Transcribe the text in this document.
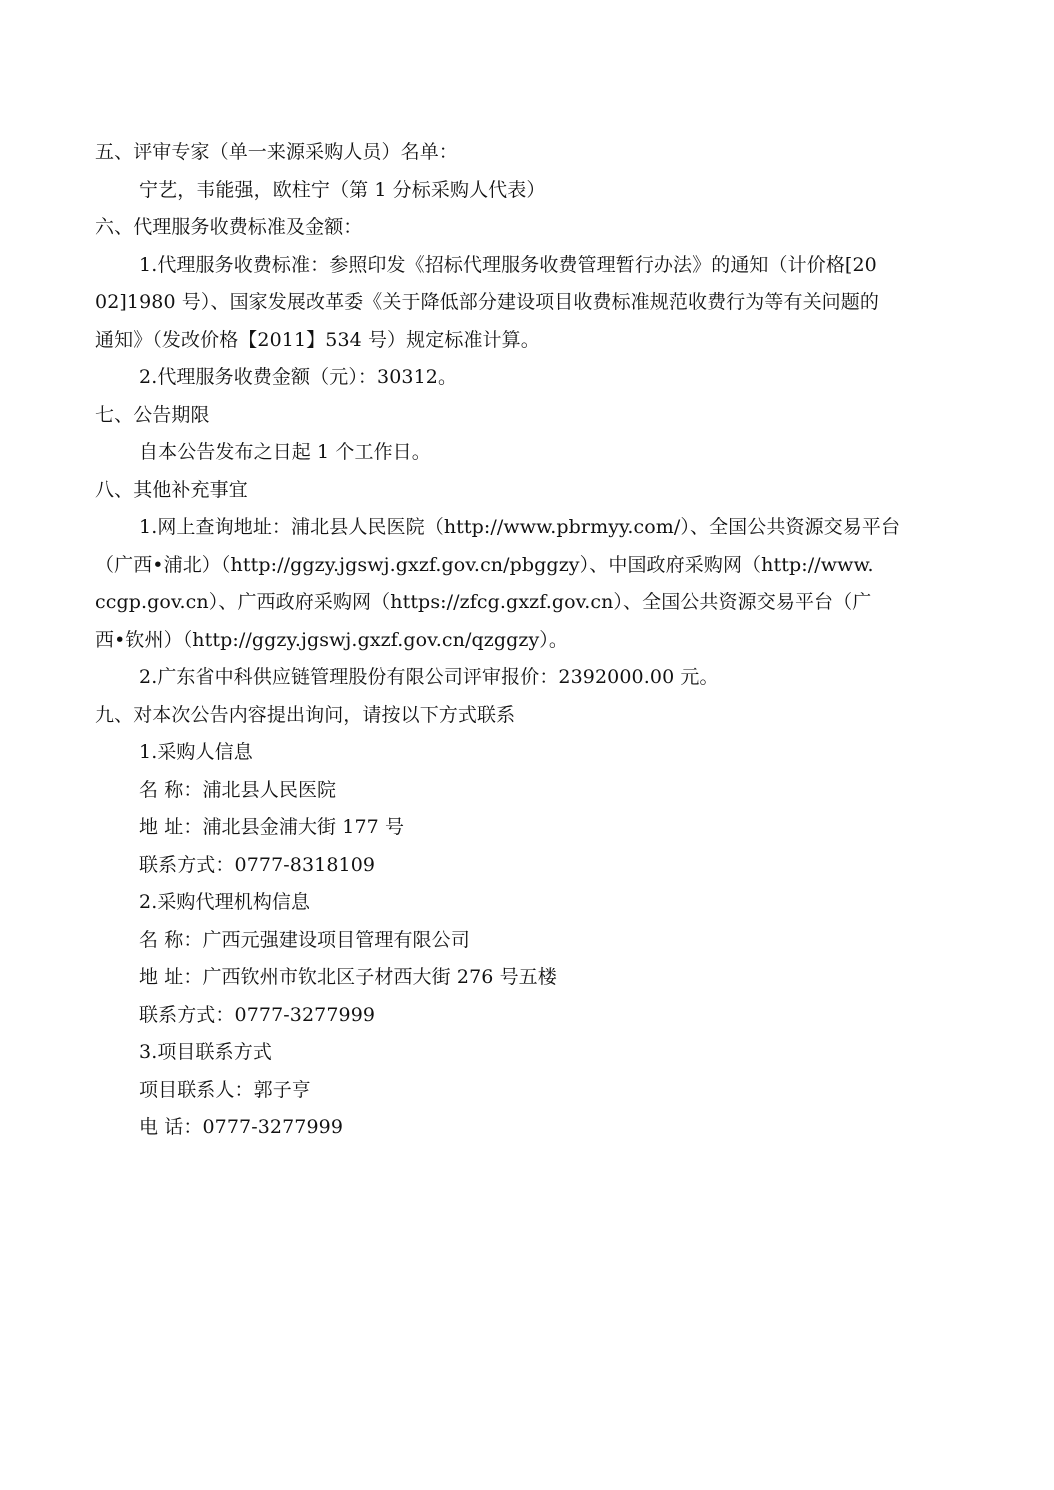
五、评审专家（单一来源采购人员）名单：
宁艺，韦能强，欧柱宁（第 1 分标采购人代表）
六、代理服务收费标准及金额：
1.代理服务收费标准：参照印发《招标代理服务收费管理暂行办法》的通知（计价格[20
02]1980 号）、国家发展改革委《关于降低部分建设项目收费标准规范收费行为等有关问题的
通知》（发改价格【2011】534 号）规定标准计算。
2.代理服务收费金额（元）：30312。
七、公告期限
自本公告发布之日起 1 个工作日。
八、其他补充事宜
1.网上查询地址：浦北县人民医院（http://www.pbrmyy.com/）、全国公共资源交易平台
（广西•浦北）（http://ggzy.jgswj.gxzf.gov.cn/pbggzy）、中国政府采购网（http://www.
ccgp.gov.cn）、广西政府采购网（https://zfcg.gxzf.gov.cn）、全国公共资源交易平台（广
西•钦州）（http://ggzy.jgswj.gxzf.gov.cn/qzggzy）。
2.广东省中科供应链管理股份有限公司评审报价：2392000.00 元。
九、对本次公告内容提出询问，请按以下方式联系
1.采购人信息
名 称：浦北县人民医院
地 址：浦北县金浦大街 177 号
联系方式：0777-8318109
2.采购代理机构信息
名 称：广西元强建设项目管理有限公司
地 址：广西钦州市钦北区子材西大街 276 号五楼
联系方式：0777-3277999
3.项目联系方式
项目联系人：郭子亨
电 话：0777-3277999
